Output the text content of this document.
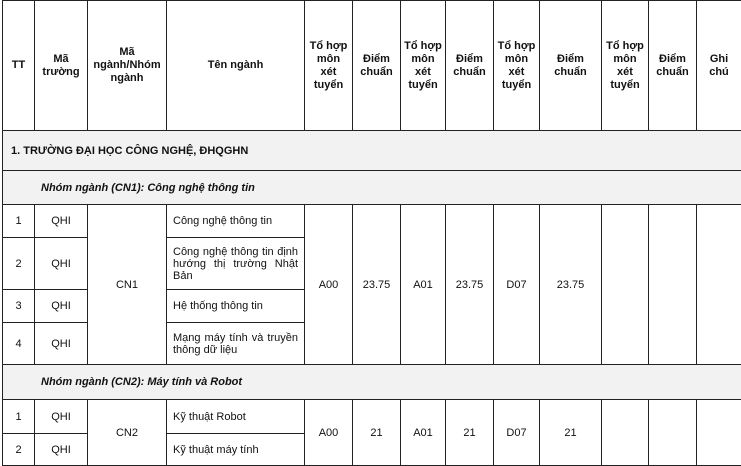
TT	Mã trường	Mã ngành/Nhóm ngành	Tên ngành	Tổ hợp môn xét tuyển	Điểm chuẩn	Tổ hợp môn xét tuyển	Điểm chuẩn	Tổ hợp môn xét tuyển	Điểm chuẩn	Tổ hợp môn xét tuyển	Điểm chuẩn	Ghi chú
1. TRƯỜNG ĐẠI HỌC CÔNG NGHỆ, ĐHQGHN												
Nhóm ngành (CN1): Công nghệ thông tin												
1	QHI	CN1	Công nghệ thông tin	A00	23.75	A01	23.75	D07	23.75			
2	QHI		Công nghệ thông tin định hướng thị trường Nhật Bản									
3	QHI		Hệ thống thông tin									
4	QHI		Mạng máy tính và truyền thông dữ liệu									
Nhóm ngành (CN2): Máy tính và Robot												
1	QHI	CN2	Kỹ thuật Robot	A00	21	A01	21	D07	21			
2	QHI		Kỹ thuật máy tính									
